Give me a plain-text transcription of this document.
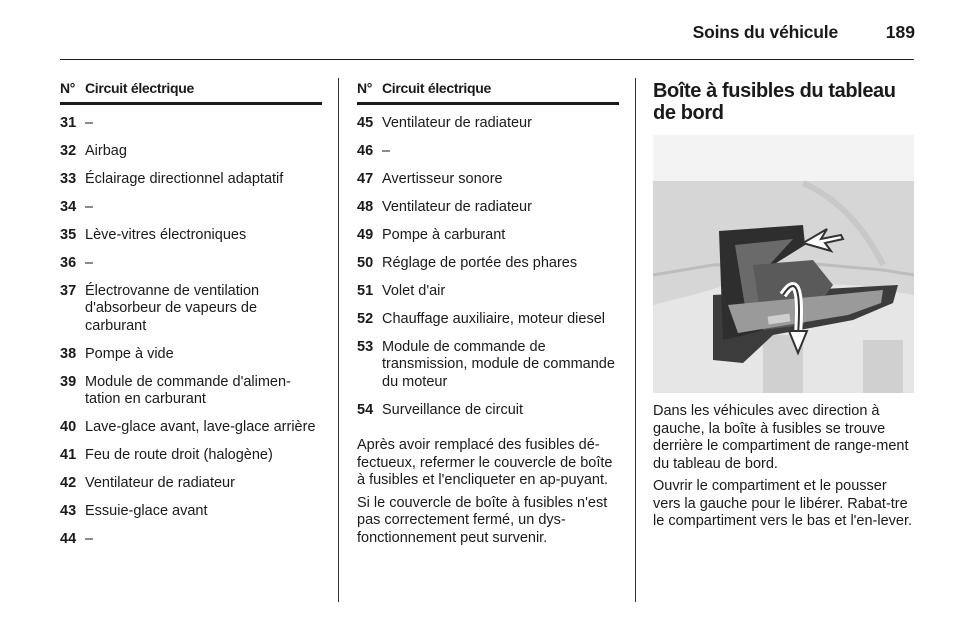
Soins du véhicule	189
N° Circuit électrique
31 –
32 Airbag
33 Éclairage directionnel adaptatif
34 –
35 Lève-vitres électroniques
36 –
37 Électrovanne de ventilation d'absorbeur de vapeurs de carburant
38 Pompe à vide
39 Module de commande d'alimen-tation en carburant
40 Lave-glace avant, lave-glace arrière
41 Feu de route droit (halogène)
42 Ventilateur de radiateur
43 Essuie-glace avant
44 –
N° Circuit électrique
45 Ventilateur de radiateur
46 –
47 Avertisseur sonore
48 Ventilateur de radiateur
49 Pompe à carburant
50 Réglage de portée des phares
51 Volet d'air
52 Chauffage auxiliaire, moteur diesel
53 Module de commande de transmission, module de commande du moteur
54 Surveillance de circuit

Après avoir remplacé des fusibles dé-fectueux, refermer le couvercle de boîte à fusibles et l'encliqueter en ap-puyant.

Si le couvercle de boîte à fusibles n'est pas correctement fermé, un dys-fonctionnement peut survenir.

Boîte à fusibles du tableau de bord

Dans les véhicules avec direction à gauche, la boîte à fusibles se trouve derrière le compartiment de range-ment du tableau de bord.

Ouvrir le compartiment et le pousser vers la gauche pour le libérer. Rabat-tre le compartiment vers le bas et l'en-lever.
